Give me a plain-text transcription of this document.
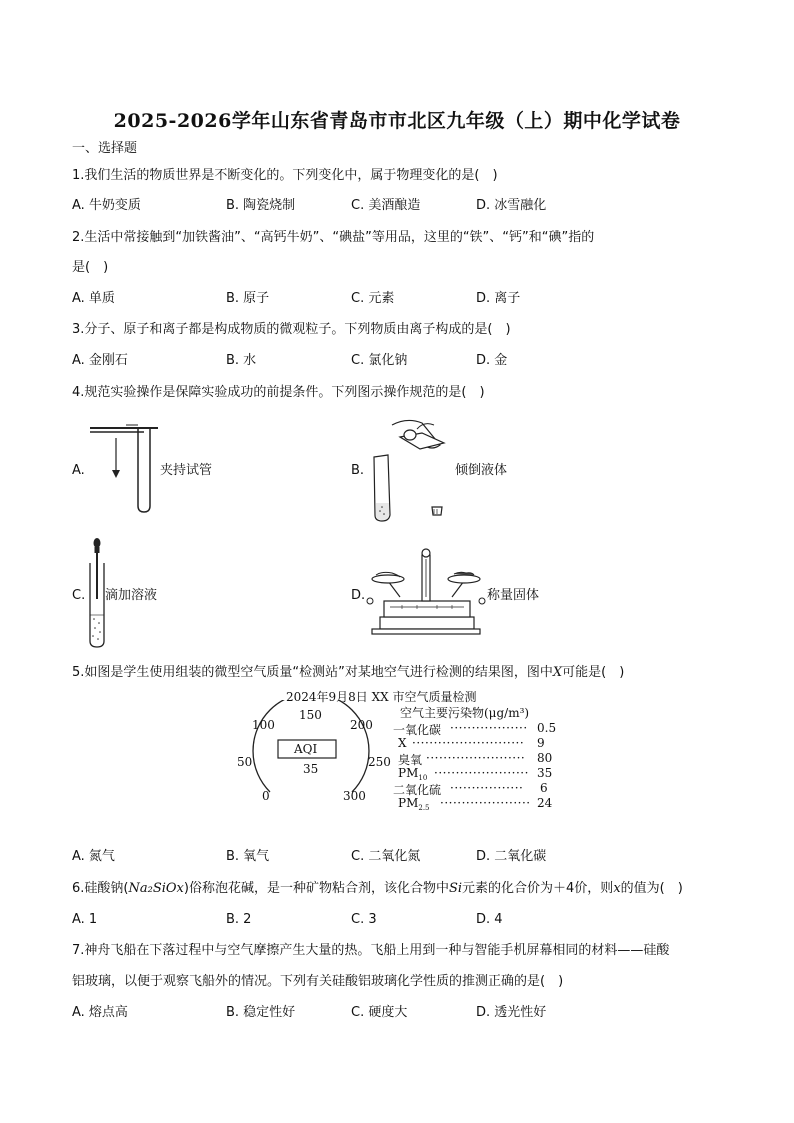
2025-2026学年山东省青岛市市北区九年级（上）期中化学试卷
一、选择题
1.我们生活的物质世界是不断变化的。下列变化中，属于物理变化的是(　)
A. 牛奶变质	B. 陶瓷烧制	C. 美酒酿造	D. 冰雪融化
2.生活中常接触到“加铁酱油”、“高钙牛奶”、“碘盐”等用品，这里的“铁”、“钙”和“碘”指的
是(　)
A. 单质	B. 原子	C. 元素	D. 离子
3.分子、原子和离子都是构成物质的微观粒子。下列物质由离子构成的是(　)
A. 金刚石	B. 水	C. 氯化钠	D. 金
4.规范实验操作是保障实验成功的前提条件。下列图示操作规范的是(　)
A.	夹持试管	B.	倾倒液体
C. 滴加溶液	D.	称量固体
5.如图是学生使用组装的微型空气质量“检测站”对某地空气进行检测的结果图，图中X可能是(　)
2024年9月8日 XX 市空气质量检测
空气主要污染物(μg/m³)
0
50
100
150
200
250
300
AQI
35
一氧化碳 ·················· 0.5
X ·························· 9
臭氧 ······················· 80
$PM_{10}$ ······················ 35
二氧化硫 ················· 6
$PM_{2.5}$ ····················· 24
A. 氮气	B. 氧气	C. 二氧化氮	D. 二氧化碳
6.硅酸钠(Na₂SiOx)俗称泡花碱，是一种矿物粘合剂，该化合物中Si元素的化合价为＋4价，则x的值为(　)
A. 1	B. 2	C. 3	D. 4
7.神舟飞船在下落过程中与空气摩擦产生大量的热。飞船上用到一种与智能手机屏幕相同的材料——硅酸
铝玻璃，以便于观察飞船外的情况。下列有关硅酸铝玻璃化学性质的推测正确的是(　)
A. 熔点高	B. 稳定性好	C. 硬度大	D. 透光性好
